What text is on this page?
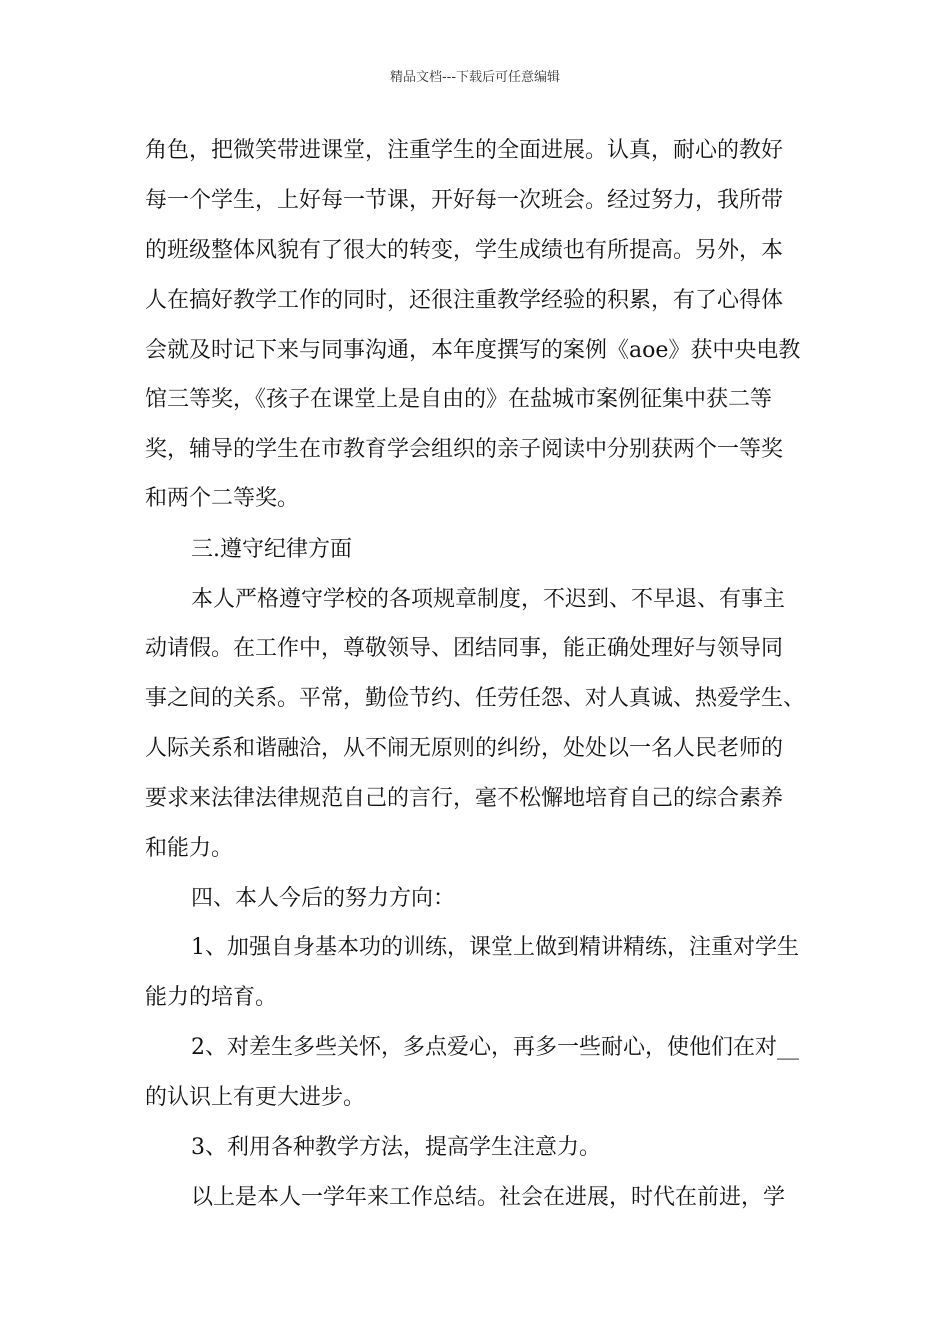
精品文档---下载后可任意编辑
角色，把微笑带进课堂，注重学生的全面进展。认真，耐心的教好
每一个学生，上好每一节课，开好每一次班会。经过努力，我所带
的班级整体风貌有了很大的转变，学生成绩也有所提高。另外，本
人在搞好教学工作的同时，还很注重教学经验的积累，有了心得体
会就及时记下来与同事沟通，本年度撰写的案例《aoe》获中央电教
馆三等奖，《孩子在课堂上是自由的》在盐城市案例征集中获二等
奖，辅导的学生在市教育学会组织的亲子阅读中分别获两个一等奖
和两个二等奖。
三.遵守纪律方面
本人严格遵守学校的各项规章制度，不迟到、不早退、有事主
动请假。在工作中，尊敬领导、团结同事，能正确处理好与领导同
事之间的关系。平常，勤俭节约、任劳任怨、对人真诚、热爱学生、
人际关系和谐融洽，从不闹无原则的纠纷，处处以一名人民老师的
要求来法律法律规范自己的言行，毫不松懈地培育自己的综合素养
和能力。
四、本人今后的努力方向：
1、加强自身基本功的训练，课堂上做到精讲精练，注重对学生
能力的培育。
2、对差生多些关怀，多点爱心，再多一些耐心，使他们在对__
的认识上有更大进步。
3、利用各种教学方法，提高学生注意力。
以上是本人一学年来工作总结。社会在进展，时代在前进，学
